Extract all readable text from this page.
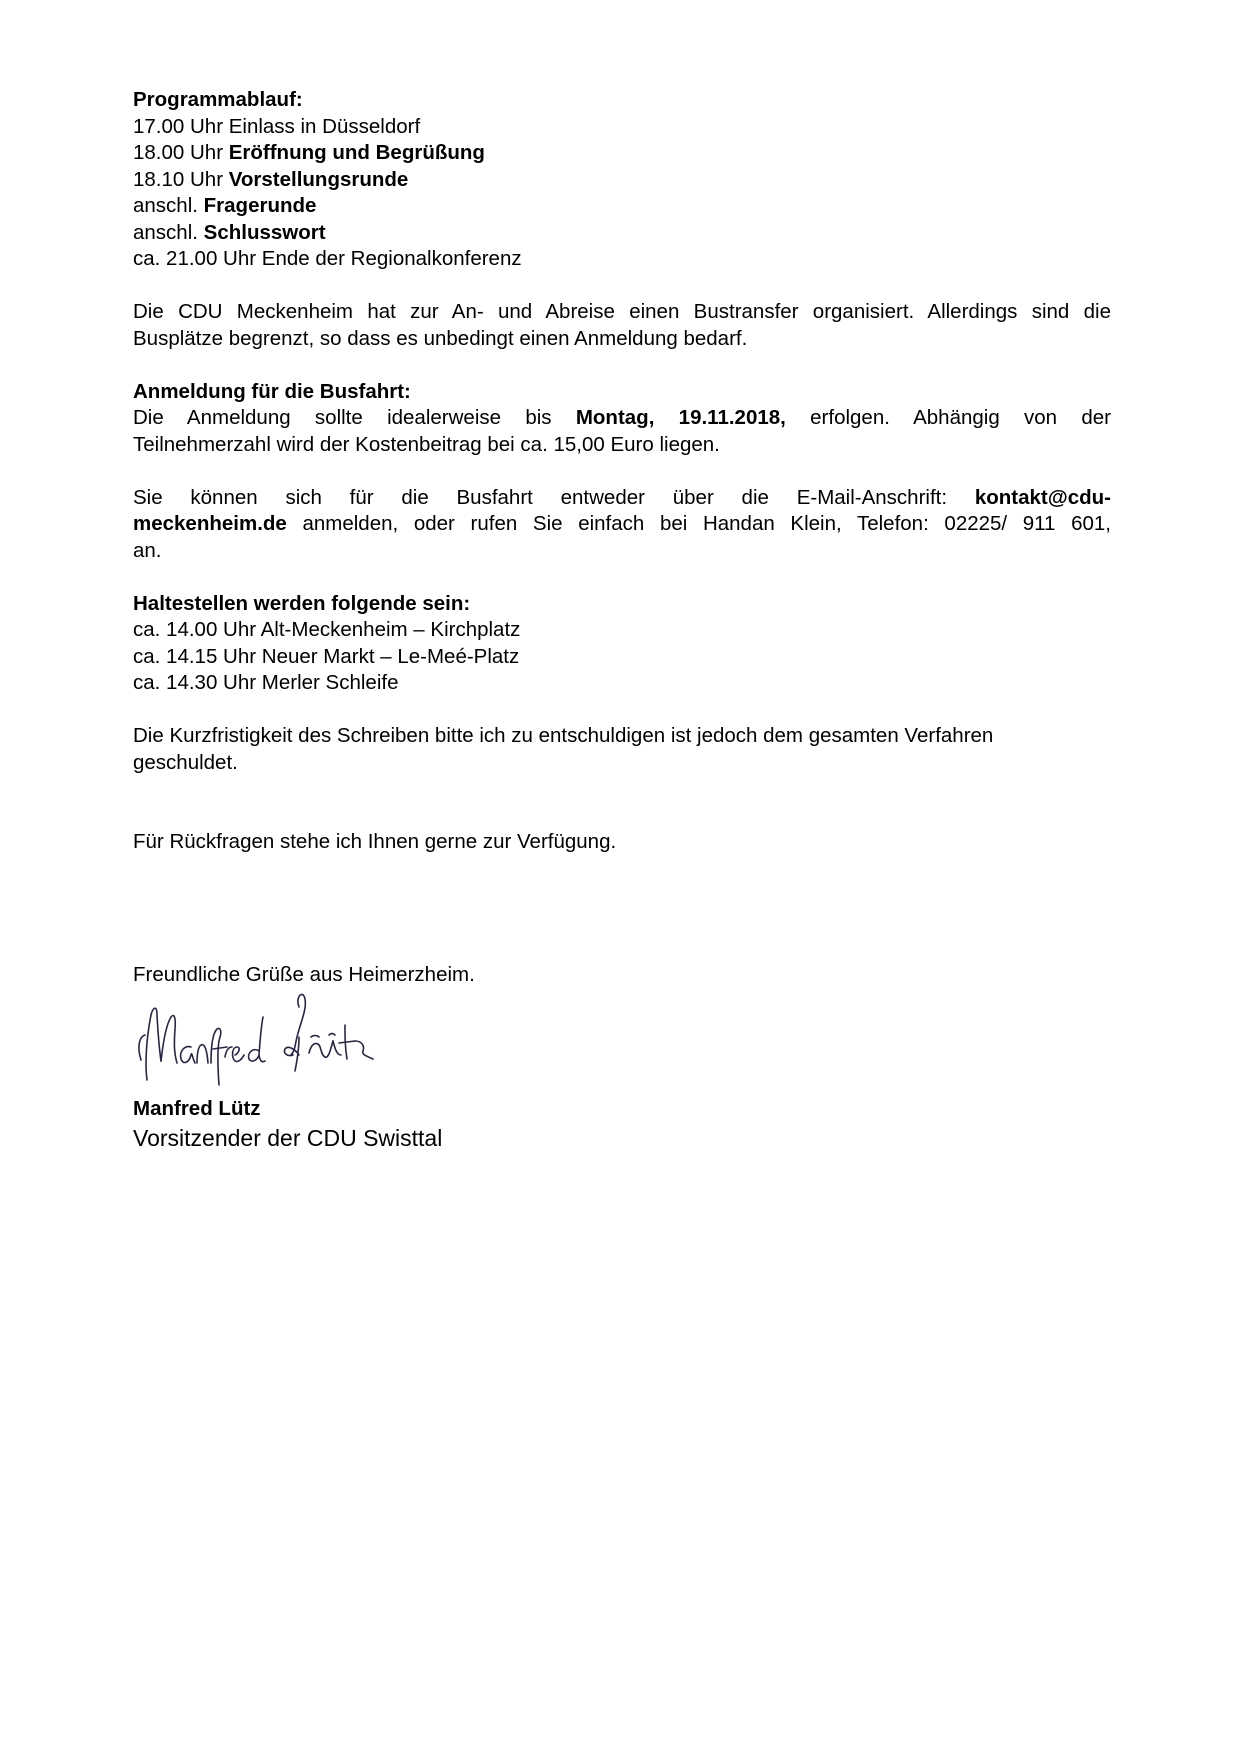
Programmablauf:
17.00 Uhr Einlass in Düsseldorf
18.00 Uhr Eröffnung und Begrüßung
18.10 Uhr Vorstellungsrunde
anschl. Fragerunde
anschl. Schlusswort
ca. 21.00 Uhr Ende der Regionalkonferenz
Die CDU Meckenheim hat zur An- und Abreise einen Bustransfer organisiert. Allerdings sind die
Busplätze begrenzt, so dass es unbedingt einen Anmeldung bedarf.
Anmeldung für die Busfahrt:
Die Anmeldung sollte idealerweise bis Montag, 19.11.2018, erfolgen. Abhängig von der
Teilnehmerzahl wird der Kostenbeitrag bei ca. 15,00 Euro liegen.
Sie können sich für die Busfahrt entweder über die E-Mail-Anschrift: kontakt@cdu-
meckenheim.de anmelden, oder rufen Sie einfach bei Handan Klein, Telefon: 02225/ 911 601,
an.
Haltestellen werden folgende sein:
ca. 14.00 Uhr Alt-Meckenheim – Kirchplatz
ca. 14.15 Uhr Neuer Markt – Le-Meé-Platz
ca. 14.30 Uhr Merler Schleife
Die Kurzfristigkeit des Schreiben bitte ich zu entschuldigen ist jedoch dem gesamten Verfahren
geschuldet.
Für Rückfragen stehe ich Ihnen gerne zur Verfügung.
Freundliche Grüße aus Heimerzheim.
Manfred Lütz
Vorsitzender der CDU Swisttal
